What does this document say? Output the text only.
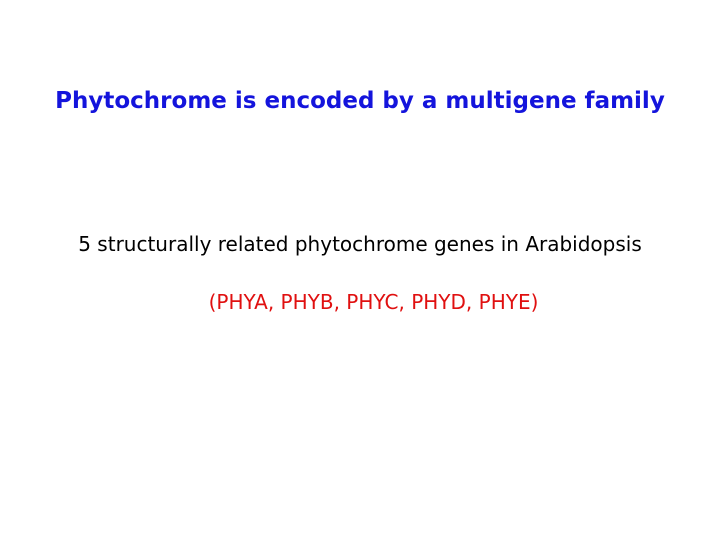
Phytochrome is encoded by a multigene family
5 structurally related phytochrome genes in Arabidopsis
(PHYA, PHYB, PHYC, PHYD, PHYE)
